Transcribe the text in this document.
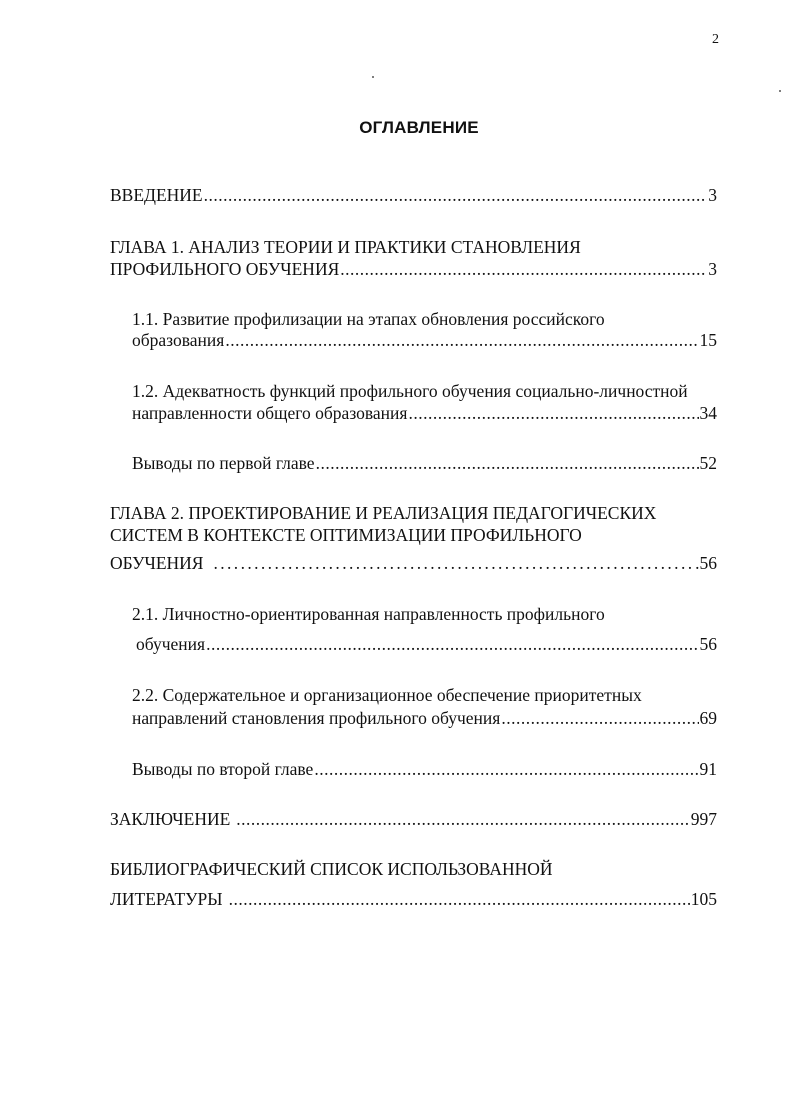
2
ОГЛАВЛЕНИЕ
ВВЕДЕНИЕ .....	3
ГЛАВА 1. АНАЛИЗ ТЕОРИИ И ПРАКТИКИ СТАНОВЛЕНИЯ
ПРОФИЛЬНОГО ОБУЧЕНИЯ .....	3
1.1. Развитие профилизации на этапах обновления российского
образования .....	15
1.2. Адекватность функций профильного обучения социально-личностной
направленности общего образования .....	34
Выводы по первой главе .....	52
ГЛАВА 2. ПРОЕКТИРОВАНИЕ И РЕАЛИЗАЦИЯ ПЕДАГОГИЧЕСКИХ
СИСТЕМ В КОНТЕКСТЕ ОПТИМИЗАЦИИ ПРОФИЛЬНОГО
ОБУЧЕНИЯ .....	.56
2.1. Личностно-ориентированная направленность профильного
обучения .....	56
2.2. Содержательное и организационное обеспечение приоритетных
направлений становления профильного обучения .....	69
Выводы по второй главе .....	91
ЗАКЛЮЧЕНИЕ .....	997
БИБЛИОГРАФИЧЕСКИЙ СПИСОК ИСПОЛЬЗОВАННОЙ
ЛИТЕРАТУРЫ .....	105
